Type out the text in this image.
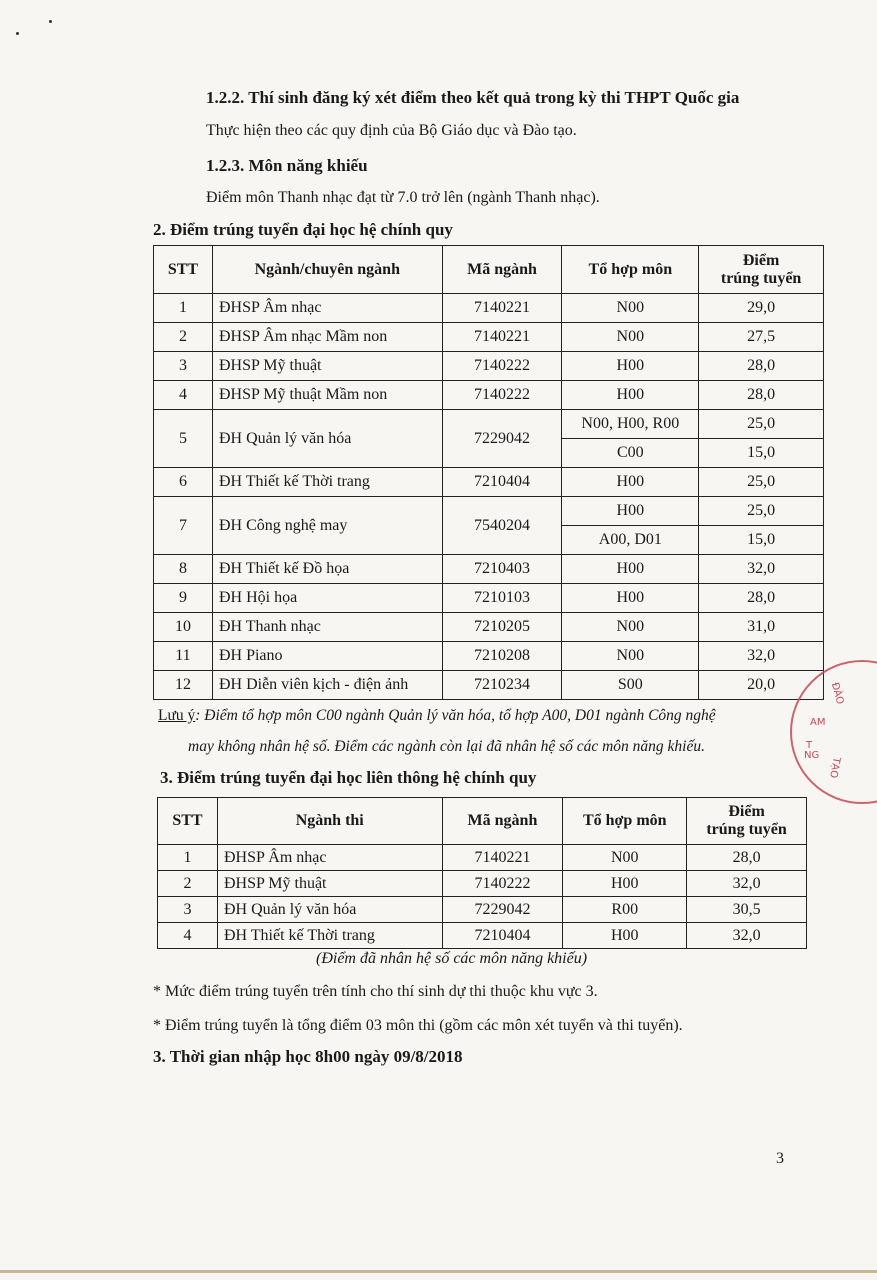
1.2.2. Thí sinh đăng ký xét điểm theo kết quả trong kỳ thi THPT Quốc gia
Thực hiện theo các quy định của Bộ Giáo dục và Đào tạo.
1.2.3. Môn năng khiếu
Điểm môn Thanh nhạc đạt từ 7.0 trở lên (ngành Thanh nhạc).
2. Điểm trúng tuyển đại học hệ chính quy
STT	Ngành/chuyên ngành	Mã ngành	Tổ hợp môn	Điểm
trúng tuyển
1	ĐHSP Âm nhạc	7140221	N00	29,0
2	ĐHSP Âm nhạc Mầm non	7140221	N00	27,5
3	ĐHSP Mỹ thuật	7140222	H00	28,0
4	ĐHSP Mỹ thuật Mầm non	7140222	H00	28,0
5	ĐH Quản lý văn hóa	7229042	N00, H00, R00	25,0
			C00	15,0
6	ĐH Thiết kế Thời trang	7210404	H00	25,0
7	ĐH Công nghệ may	7540204	H00	25,0
			A00, D01	15,0
8	ĐH Thiết kế Đồ họa	7210403	H00	32,0
9	ĐH Hội họa	7210103	H00	28,0
10	ĐH Thanh nhạc	7210205	N00	31,0
11	ĐH Piano	7210208	N00	32,0
12	ĐH Diễn viên kịch - điện ảnh	7210234	S00	20,0
Lưu ý: Điểm tổ hợp môn C00 ngành Quản lý văn hóa, tổ hợp A00, D01 ngành Công nghệ
may không nhân hệ số. Điểm các ngành còn lại đã nhân hệ số các môn năng khiếu.
3. Điểm trúng tuyển đại học liên thông hệ chính quy
STT	Ngành thi	Mã ngành	Tổ hợp môn	Điểm
trúng tuyển
1	ĐHSP Âm nhạc	7140221	N00	28,0
2	ĐHSP Mỹ thuật	7140222	H00	32,0
3	ĐH Quản lý văn hóa	7229042	R00	30,5
4	ĐH Thiết kế Thời trang	7210404	H00	32,0
(Điểm đã nhân hệ số các môn năng khiếu)
* Mức điểm trúng tuyển trên tính cho thí sinh dự thi thuộc khu vực 3.
* Điểm trúng tuyển là tổng điểm 03 môn thi (gồm các môn xét tuyển và thi tuyển).
3. Thời gian nhập học 8h00 ngày 09/8/2018
3
ĐÀO
AM
T
NG
TẠO
